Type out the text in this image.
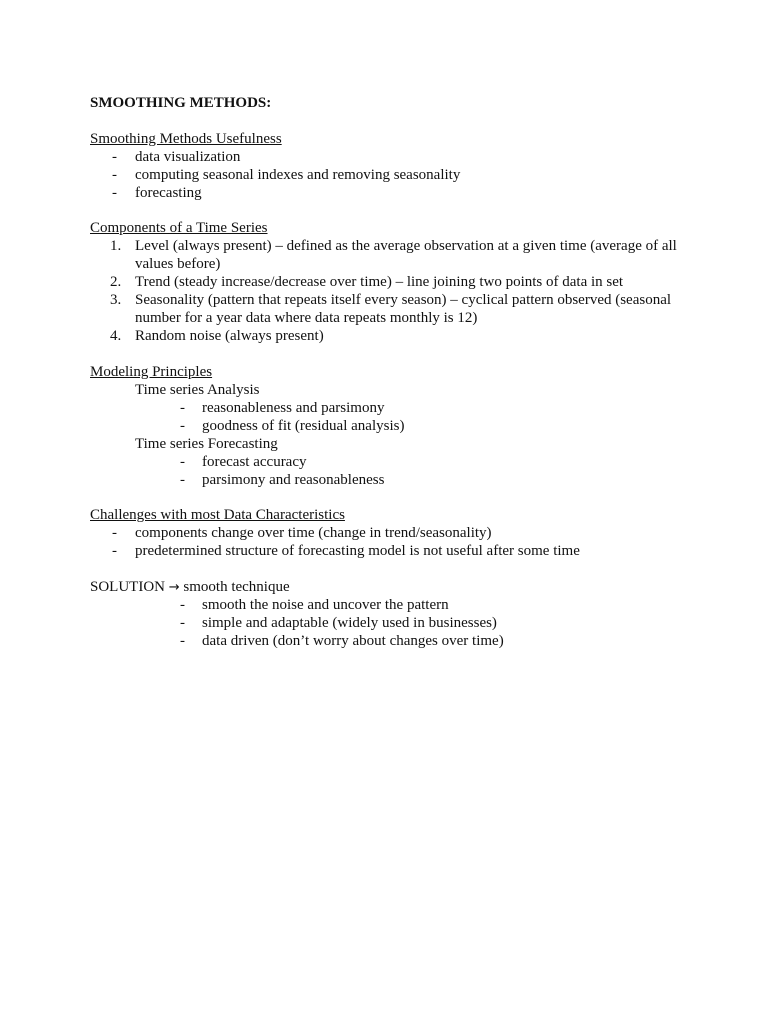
SMOOTHING METHODS:
Smoothing Methods Usefulness
- data visualization
- computing seasonal indexes and removing seasonality
- forecasting
Components of a Time Series
1. Level (always present) – defined as the average observation at a given time (average of all values before)
2. Trend (steady increase/decrease over time) – line joining two points of data in set
3. Seasonality (pattern that repeats itself every season) – cyclical pattern observed (seasonal number for a year data where data repeats monthly is 12)
4. Random noise (always present)
Modeling Principles
Time series Analysis
- reasonableness and parsimony
- goodness of fit (residual analysis)
Time series Forecasting
- forecast accuracy
- parsimony and reasonableness
Challenges with most Data Characteristics
- components change over time (change in trend/seasonality)
- predetermined structure of forecasting model is not useful after some time
SOLUTION → smooth technique
- smooth the noise and uncover the pattern
- simple and adaptable (widely used in businesses)
- data driven (don’t worry about changes over time)
